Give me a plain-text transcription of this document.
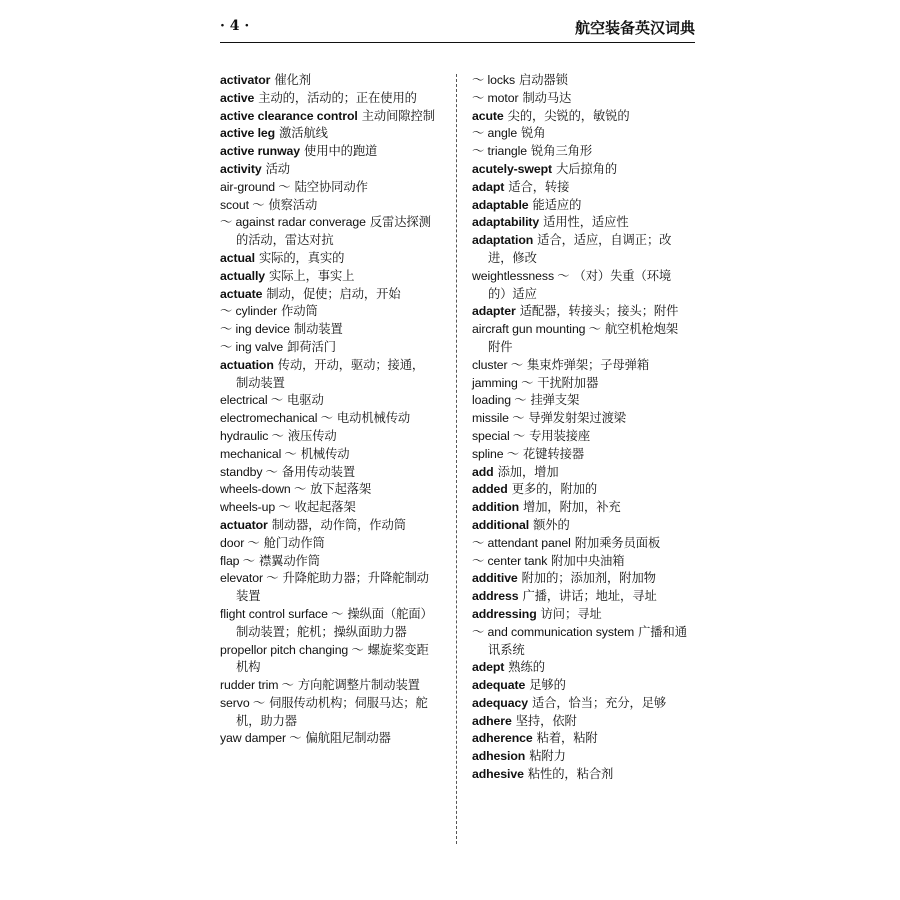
· 4 ·	航空装备英汉词典
activator 催化剂
active 主动的，活动的；正在使用的
active clearance control 主动间隙控制
active leg 激活航线
active runway 使用中的跑道
activity 活动
air-ground ～ 陆空协同动作
scout ～ 侦察活动
～ against radar converage 反雷达探测的活动，雷达对抗
actual 实际的，真实的
actually 实际上，事实上
actuate 制动，促使；启动，开始
～ cylinder 作动筒
～ ing device 制动装置
～ ing valve 卸荷活门
actuation 传动，开动，驱动；接通，制动装置
electrical ～ 电驱动
electromechanical ～ 电动机械传动
hydraulic ～ 液压传动
mechanical ～ 机械传动
standby ～ 备用传动装置
wheels-down ～ 放下起落架
wheels-up ～ 收起起落架
actuator 制动器，动作筒，作动筒
door ～ 舱门动作筒
flap ～ 襟翼动作筒
elevator ～ 升降舵助力器；升降舵制动装置
flight control surface ～ 操纵面（舵面）制动装置；舵机；操纵面助力器
propellor pitch changing ～ 螺旋桨变距机构
rudder trim ～ 方向舵调整片制动装置
servo ～ 伺服传动机构；伺服马达；舵机，助力器
yaw damper ～ 偏航阻尼制动器
～ locks 启动器锁
～ motor 制动马达
acute 尖的，尖锐的，敏锐的
～ angle 锐角
～ triangle 锐角三角形
acutely-swept 大后掠角的
adapt 适合，转接
adaptable 能适应的
adaptability 适用性，适应性
adaptation 适合，适应，自调正；改进，修改
weightlessness ～ （对）失重（环境的）适应
adapter 适配器，转接头；接头；附件
aircraft gun mounting ～ 航空机枪炮架附件
cluster ～ 集束炸弹架；子母弹箱
jamming ～ 干扰附加器
loading ～ 挂弹支架
missile ～ 导弹发射架过渡梁
special ～ 专用装接座
spline ～ 花键转接器
add 添加，增加
added 更多的，附加的
addition 增加，附加，补充
additional 额外的
～ attendant panel 附加乘务员面板
～ center tank 附加中央油箱
additive 附加的；添加剂，附加物
address 广播，讲话；地址，寻址
addressing 访问；寻址
～ and communication system 广播和通讯系统
adept 熟练的
adequate 足够的
adequacy 适合，恰当；充分，足够
adhere 坚持，依附
adherence 粘着，粘附
adhesion 粘附力
adhesive 粘性的，粘合剂
